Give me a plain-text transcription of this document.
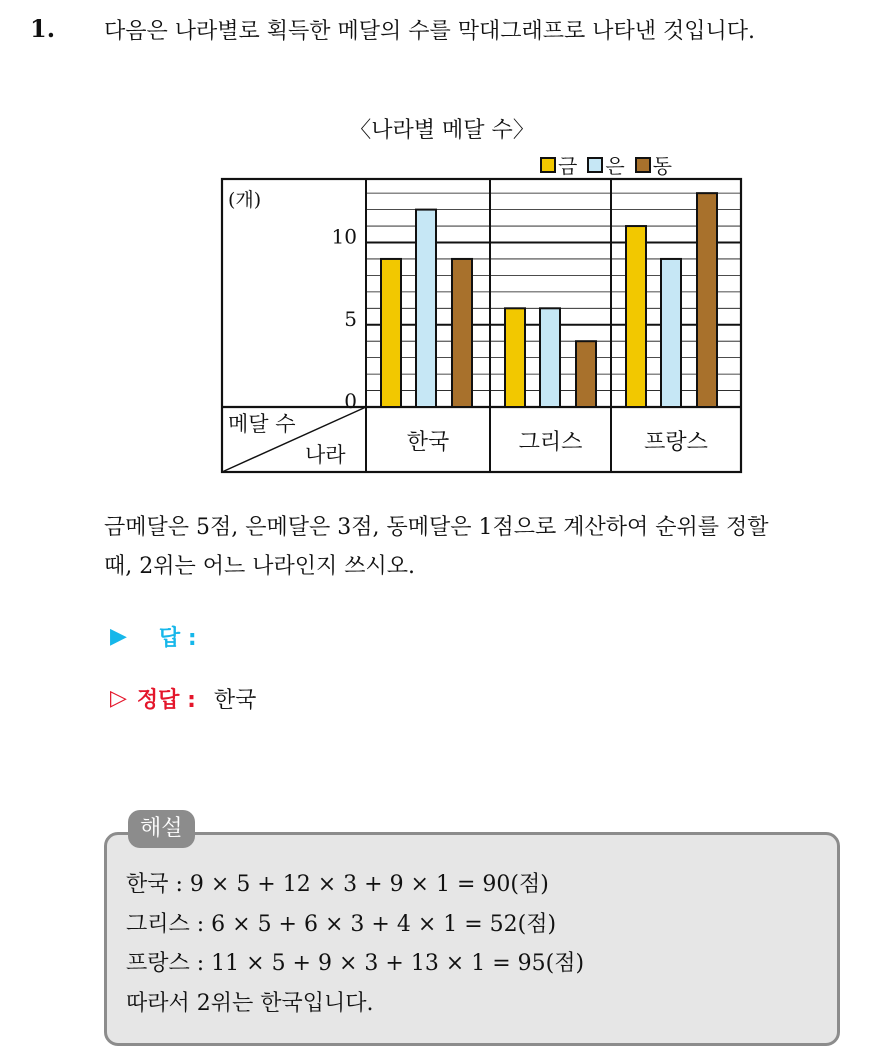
1. 다음은 나라별로 획득한 메달의 수를 막대그래프로 나타낸 것입니다.
〈나라별 메달 수〉
금 은 동
0
5
10
(개)
메달 수
나라	한국	그리스	프랑스
금메달은 5점, 은메달은 3점, 동메달은 1점으로 계산하여 순위를 정할
때, 2위는 어느 나라인지 쓰시오.
▶ 답 :
▷ 정답 : 한국
해설
한국 : 9 × 5 + 12 × 3 + 9 × 1 = 90(점)
그리스 : 6 × 5 + 6 × 3 + 4 × 1 = 52(점)
프랑스 : 11 × 5 + 9 × 3 + 13 × 1 = 95(점)
따라서 2위는 한국입니다.
